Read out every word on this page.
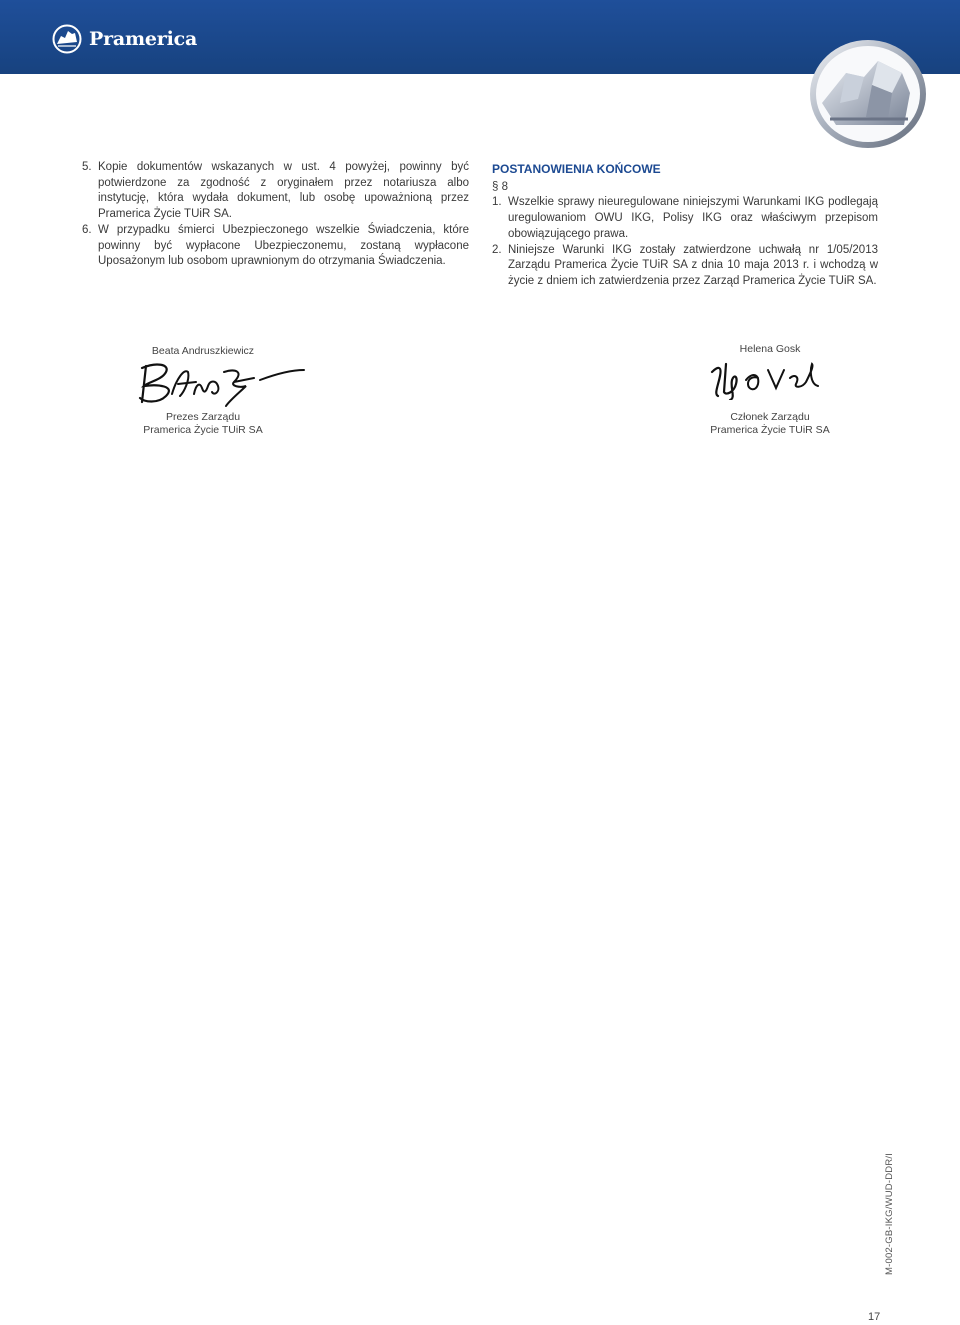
Pramerica
5. Kopie dokumentów wskazanych w ust. 4 powyżej, powinny być potwierdzone za zgodność z oryginałem przez notariusza albo instytucję, która wydała dokument, lub osobę upoważnioną przez Pramerica Życie TUiR SA.

6. W przypadku śmierci Ubezpieczonego wszelkie Świadczenia, które powinny być wypłacone Ubezpieczonemu, zostaną wypłacone Uposażonym lub osobom uprawnionym do otrzymania Świadczenia.

POSTANOWIENIA KOŃCOWE
§ 8
1. Wszelkie sprawy nieuregulowane niniejszymi Warunkami IKG podlegają uregulowaniom OWU IKG, Polisy IKG oraz właściwym przepisom obowiązującego prawa.

2. Niniejsze Warunki IKG zostały zatwierdzone uchwałą nr 1/05/2013 Zarządu Pramerica Życie TUiR SA z dnia 10 maja 2013 r. i wchodzą w życie z dniem ich zatwierdzenia przez Zarząd Pramerica Życie TUiR SA.

Beata Andruszkiewicz
Prezes Zarządu
Pramerica Życie TUiR SA
Helena Gosk
Członek Zarządu
Pramerica Życie TUiR SA
M-002-GB-IKG/WUD-DDR/I
17
